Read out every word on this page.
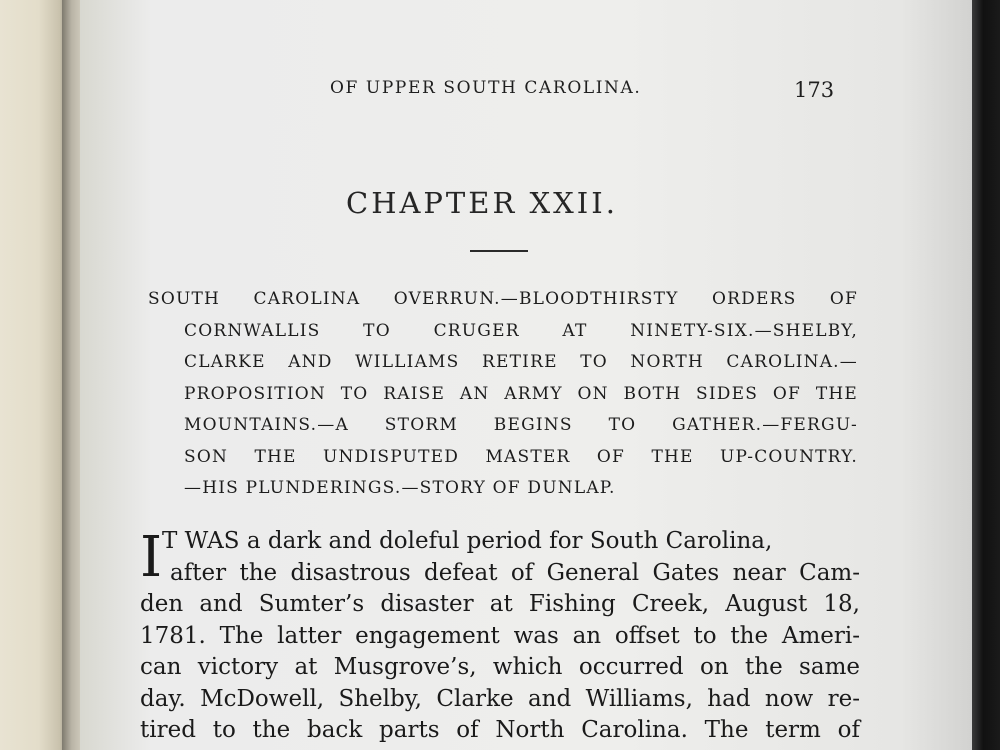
OF UPPER SOUTH CAROLINA.	173
CHAPTER XXII.
SOUTH CAROLINA OVERRUN.—BLOODTHIRSTY ORDERS OF
CORNWALLIS TO CRUGER AT NINETY-SIX.—SHELBY,
CLARKE AND WILLIAMS RETIRE TO NORTH CAROLINA.—
PROPOSITION TO RAISE AN ARMY ON BOTH SIDES OF THE
MOUNTAINS.—A STORM BEGINS TO GATHER.—FERGU-
SON THE UNDISPUTED MASTER OF THE UP-COUNTRY.
—HIS PLUNDERINGS.—STORY OF DUNLAP.
I T WAS a dark and doleful period for South Carolina,
after the disastrous defeat of General Gates near Cam-
den and Sumter’s disaster at Fishing Creek, August 18,
1781. The latter engagement was an offset to the Ameri-
can victory at Musgrove’s, which occurred on the same
day. McDowell, Shelby, Clarke and Williams, had now re-
tired to the back parts of North Carolina. The term of
